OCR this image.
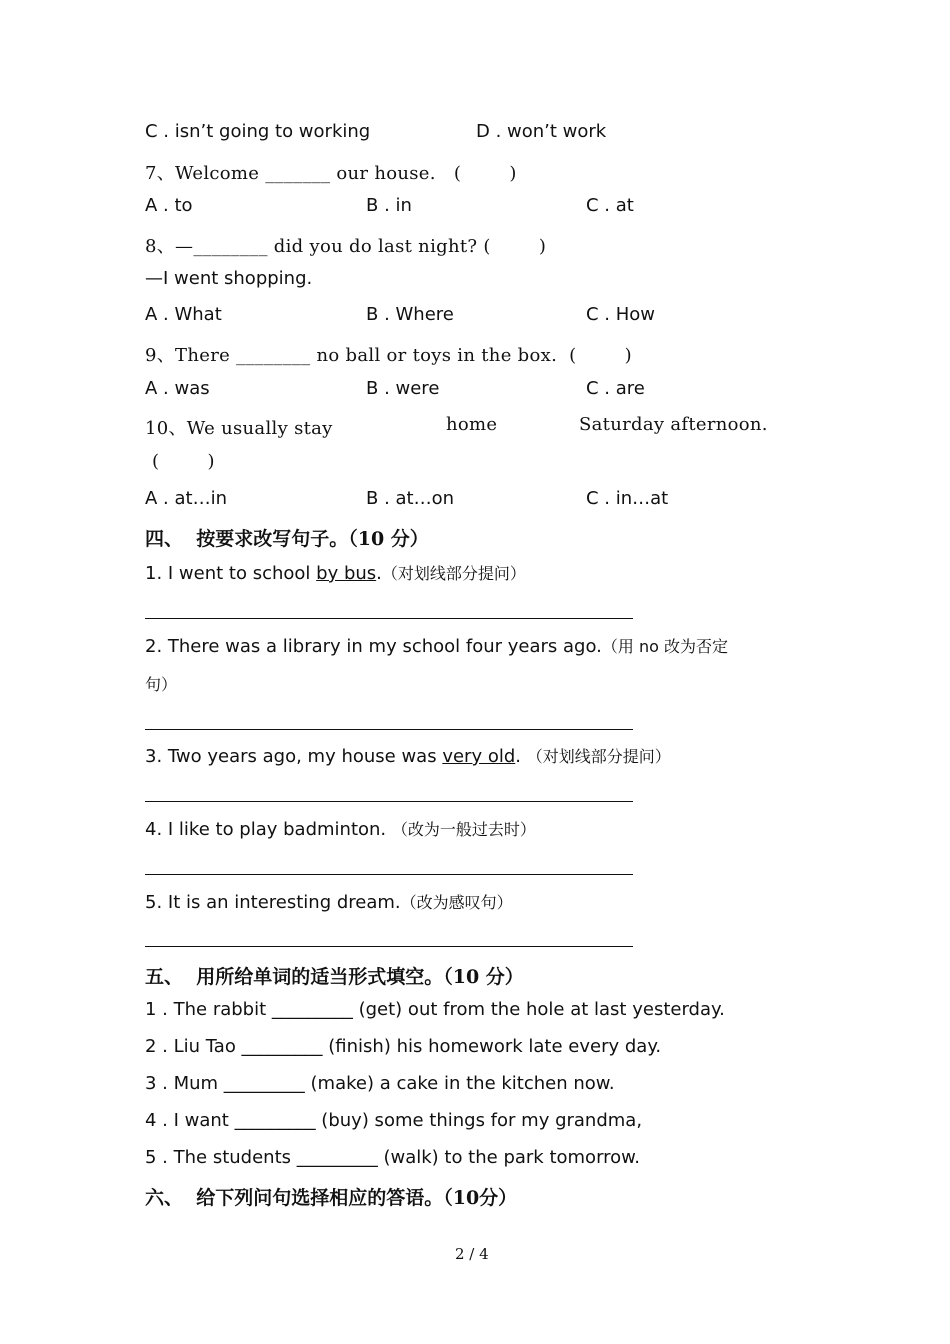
C . isn’t going to working	D . won’t work
7、Welcome _______ our house.   (        )
A . to	B . in	C . at
8、—________ did you do last night? (        )
—I went shopping.
A . What	B . Where	C . How
9、There ________ no ball or toys in the box.  (        )
A . was	B . were	C . are
10、We usually stay	home	Saturday afternoon.
(        )
A . at…in	B . at…on	C . in…at
四、  按要求改写句子。（10 分）
1. I went to school by bus.（对划线部分提问）
2. There was a library in my school four years ago.（用 no 改为否定
句）
3. Two years ago, my house was very old. （对划线部分提问）
4. I like to play badminton. （改为一般过去时）
5. It is an interesting dream.（改为感叹句）
五、  用所给单词的适当形式填空。（10 分）
1 . The rabbit _________ (get) out from the hole at last yesterday.
2 . Liu Tao _________ (finish) his homework late every day.
3 . Mum _________ (make) a cake in the kitchen now.
4 . I want _________ (buy) some things for my grandma,
5 . The students _________ (walk) to the park tomorrow.
六、  给下列问句选择相应的答语。（10分）
2 / 4
